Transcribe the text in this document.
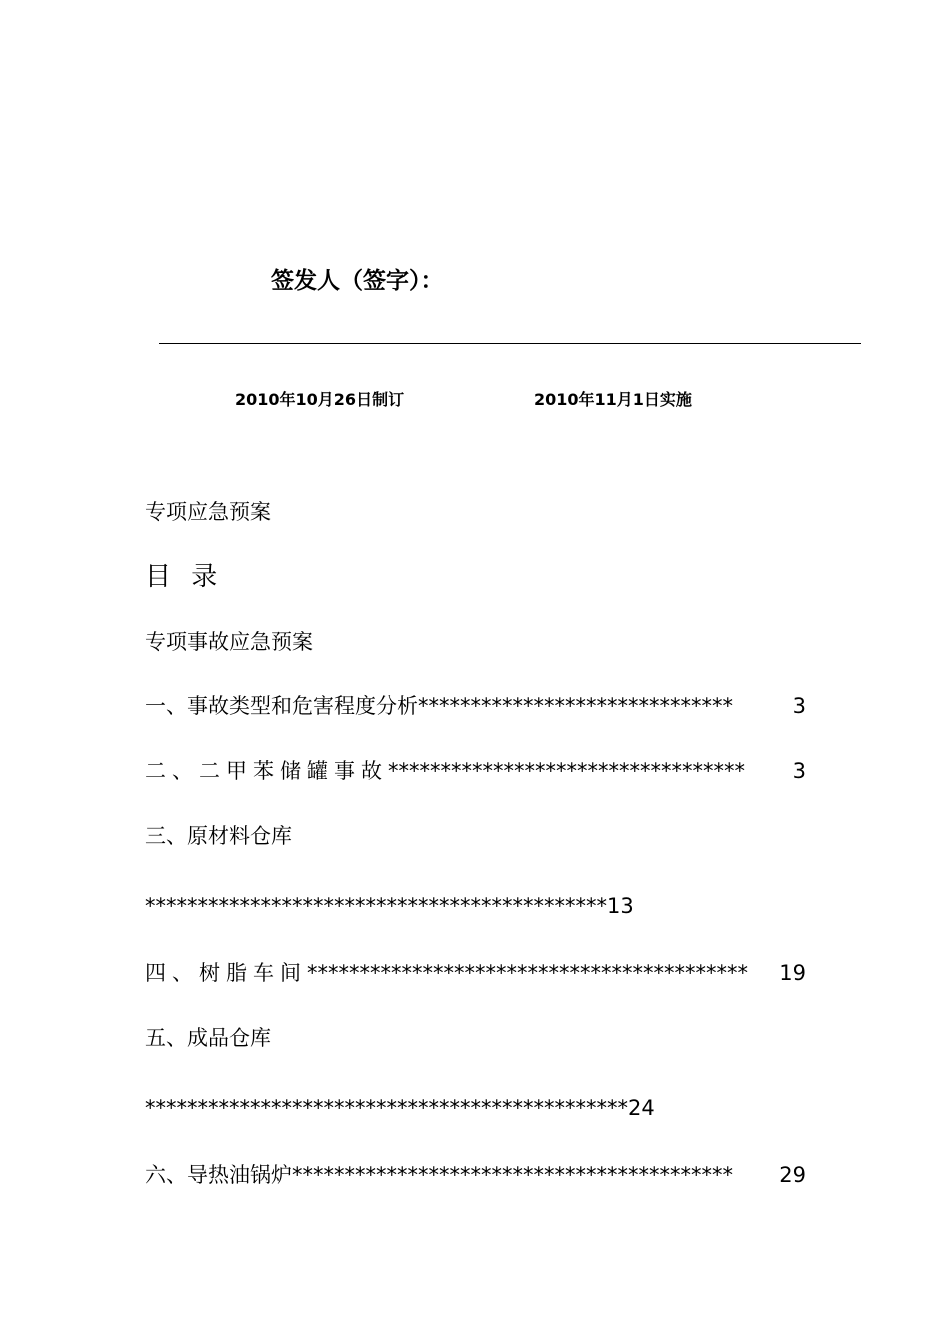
签发人（签字）：
2010年10月26日制订	2010年11月1日实施
专项应急预案
目 录
专项事故应急预案
一、事故类型和危害程度分析 ******************************	3
二、二甲苯储罐事故 **********************************	3
三、原材料仓库
********************************************13
四、树脂车间 ******************************************	19
五、成品仓库
**********************************************24
六、导热油锅炉 ******************************************	29
